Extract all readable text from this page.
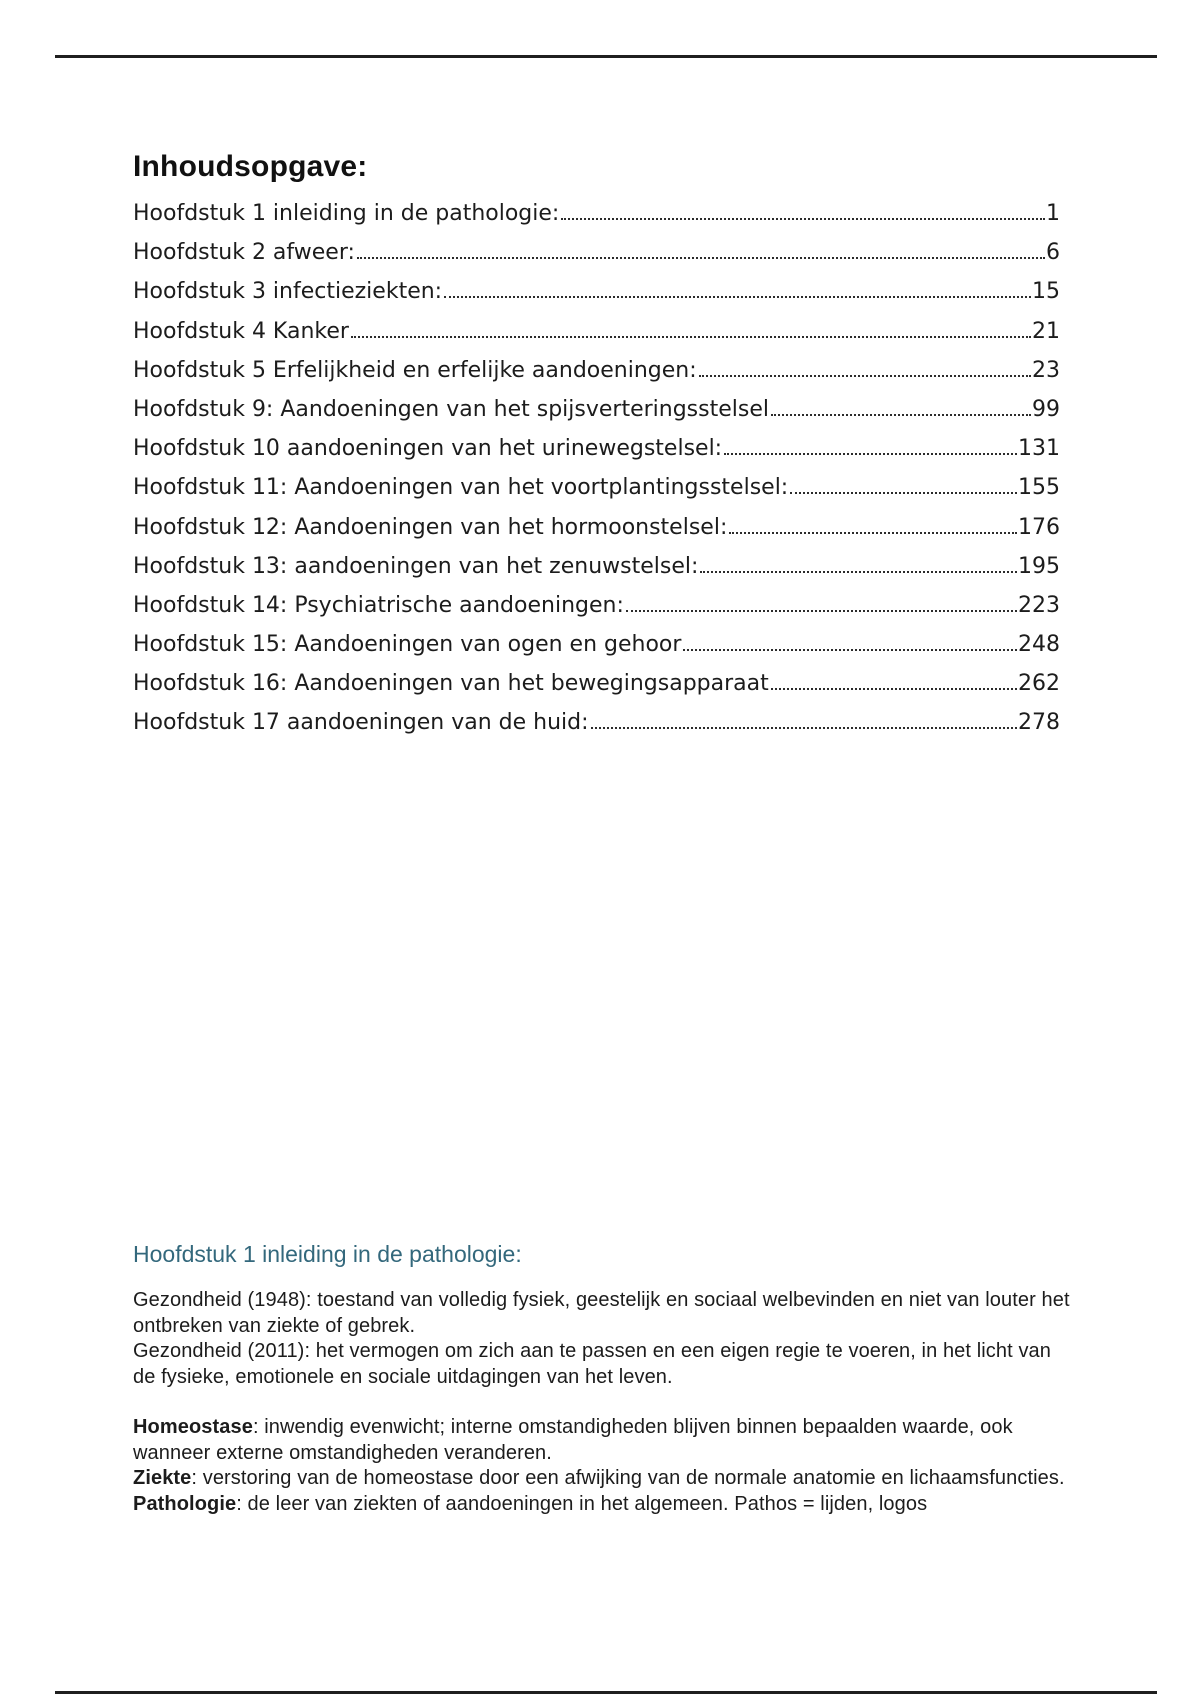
Inhoudsopgave:
Hoofdstuk 1 inleiding in de pathologie:	1
Hoofdstuk 2 afweer:	6
Hoofdstuk 3 infectieziekten:	15
Hoofdstuk 4 Kanker	21
Hoofdstuk 5 Erfelijkheid en erfelijke aandoeningen:	23
Hoofdstuk 9: Aandoeningen van het spijsverteringsstelsel	99
Hoofdstuk 10 aandoeningen van het urinewegstelsel:	131
Hoofdstuk 11: Aandoeningen van het voortplantingsstelsel:	155
Hoofdstuk 12: Aandoeningen van het hormoonstelsel:	176
Hoofdstuk 13: aandoeningen van het zenuwstelsel:	195
Hoofdstuk 14: Psychiatrische aandoeningen:	223
Hoofdstuk 15: Aandoeningen van ogen en gehoor	248
Hoofdstuk 16: Aandoeningen van het bewegingsapparaat	262
Hoofdstuk 17 aandoeningen van de huid:	278
Hoofdstuk 1 inleiding in de pathologie:

Gezondheid (1948): toestand van volledig fysiek, geestelijk en sociaal welbevinden en niet van louter het ontbreken van ziekte of gebrek.

Gezondheid (2011): het vermogen om zich aan te passen en een eigen regie te voeren, in het licht van de fysieke, emotionele en sociale uitdagingen van het leven.

Homeostase: inwendig evenwicht; interne omstandigheden blijven binnen bepaalden waarde, ook wanneer externe omstandigheden veranderen.

Ziekte: verstoring van de homeostase door een afwijking van de normale anatomie en lichaamsfuncties.

Pathologie: de leer van ziekten of aandoeningen in het algemeen. Pathos = lijden, logos
